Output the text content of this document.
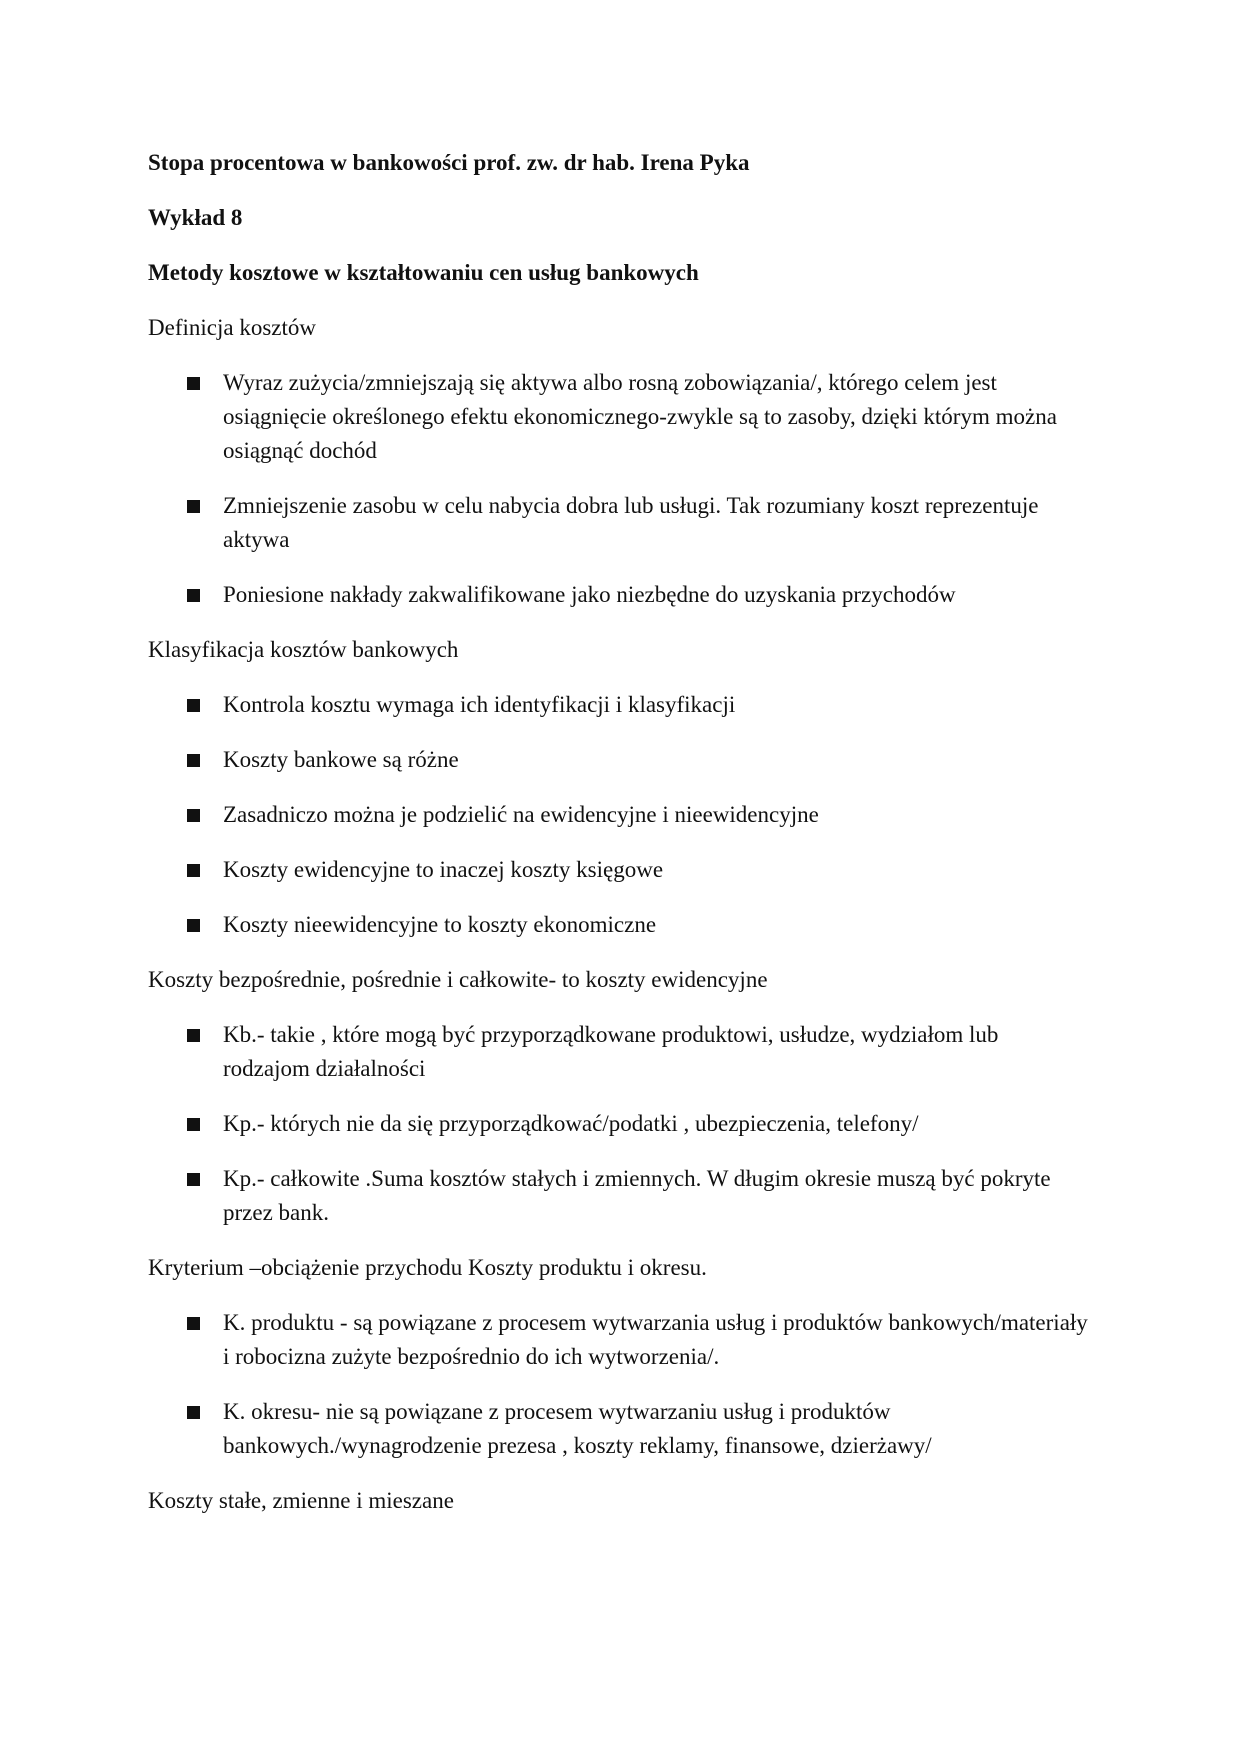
Stopa procentowa w bankowości prof. zw. dr hab. Irena Pyka

Wykład 8

Metody kosztowe w kształtowaniu cen usług bankowych

Definicja kosztów

Wyraz zużycia/zmniejszają się aktywa albo rosną zobowiązania/, którego celem jest osiągnięcie określonego efektu ekonomicznego-zwykle są to zasoby, dzięki którym można osiągnąć dochód
Zmniejszenie zasobu w celu nabycia dobra lub usługi. Tak rozumiany koszt reprezentuje aktywa
Poniesione nakłady zakwalifikowane jako niezbędne do uzyskania przychodów

Klasyfikacja kosztów bankowych

Kontrola kosztu wymaga ich identyfikacji i klasyfikacji
Koszty bankowe są różne
Zasadniczo można je podzielić na ewidencyjne i nieewidencyjne
Koszty ewidencyjne to inaczej koszty księgowe
Koszty nieewidencyjne to koszty ekonomiczne

Koszty bezpośrednie, pośrednie i całkowite- to koszty ewidencyjne

Kb.- takie , które mogą być przyporządkowane produktowi, usłudze, wydziałom lub rodzajom działalności
Kp.- których nie da się przyporządkować/podatki , ubezpieczenia, telefony/
Kp.- całkowite .Suma kosztów stałych i zmiennych. W długim okresie muszą być pokryte przez bank.

Kryterium –obciążenie przychodu Koszty produktu i okresu.

K. produktu - są powiązane z procesem wytwarzania usług i produktów bankowych/materiały i robocizna zużyte bezpośrednio do ich wytworzenia/.
K. okresu- nie są powiązane z procesem wytwarzaniu usług i produktów bankowych./wynagrodzenie prezesa , koszty reklamy, finansowe, dzierżawy/

Koszty stałe, zmienne i mieszane
